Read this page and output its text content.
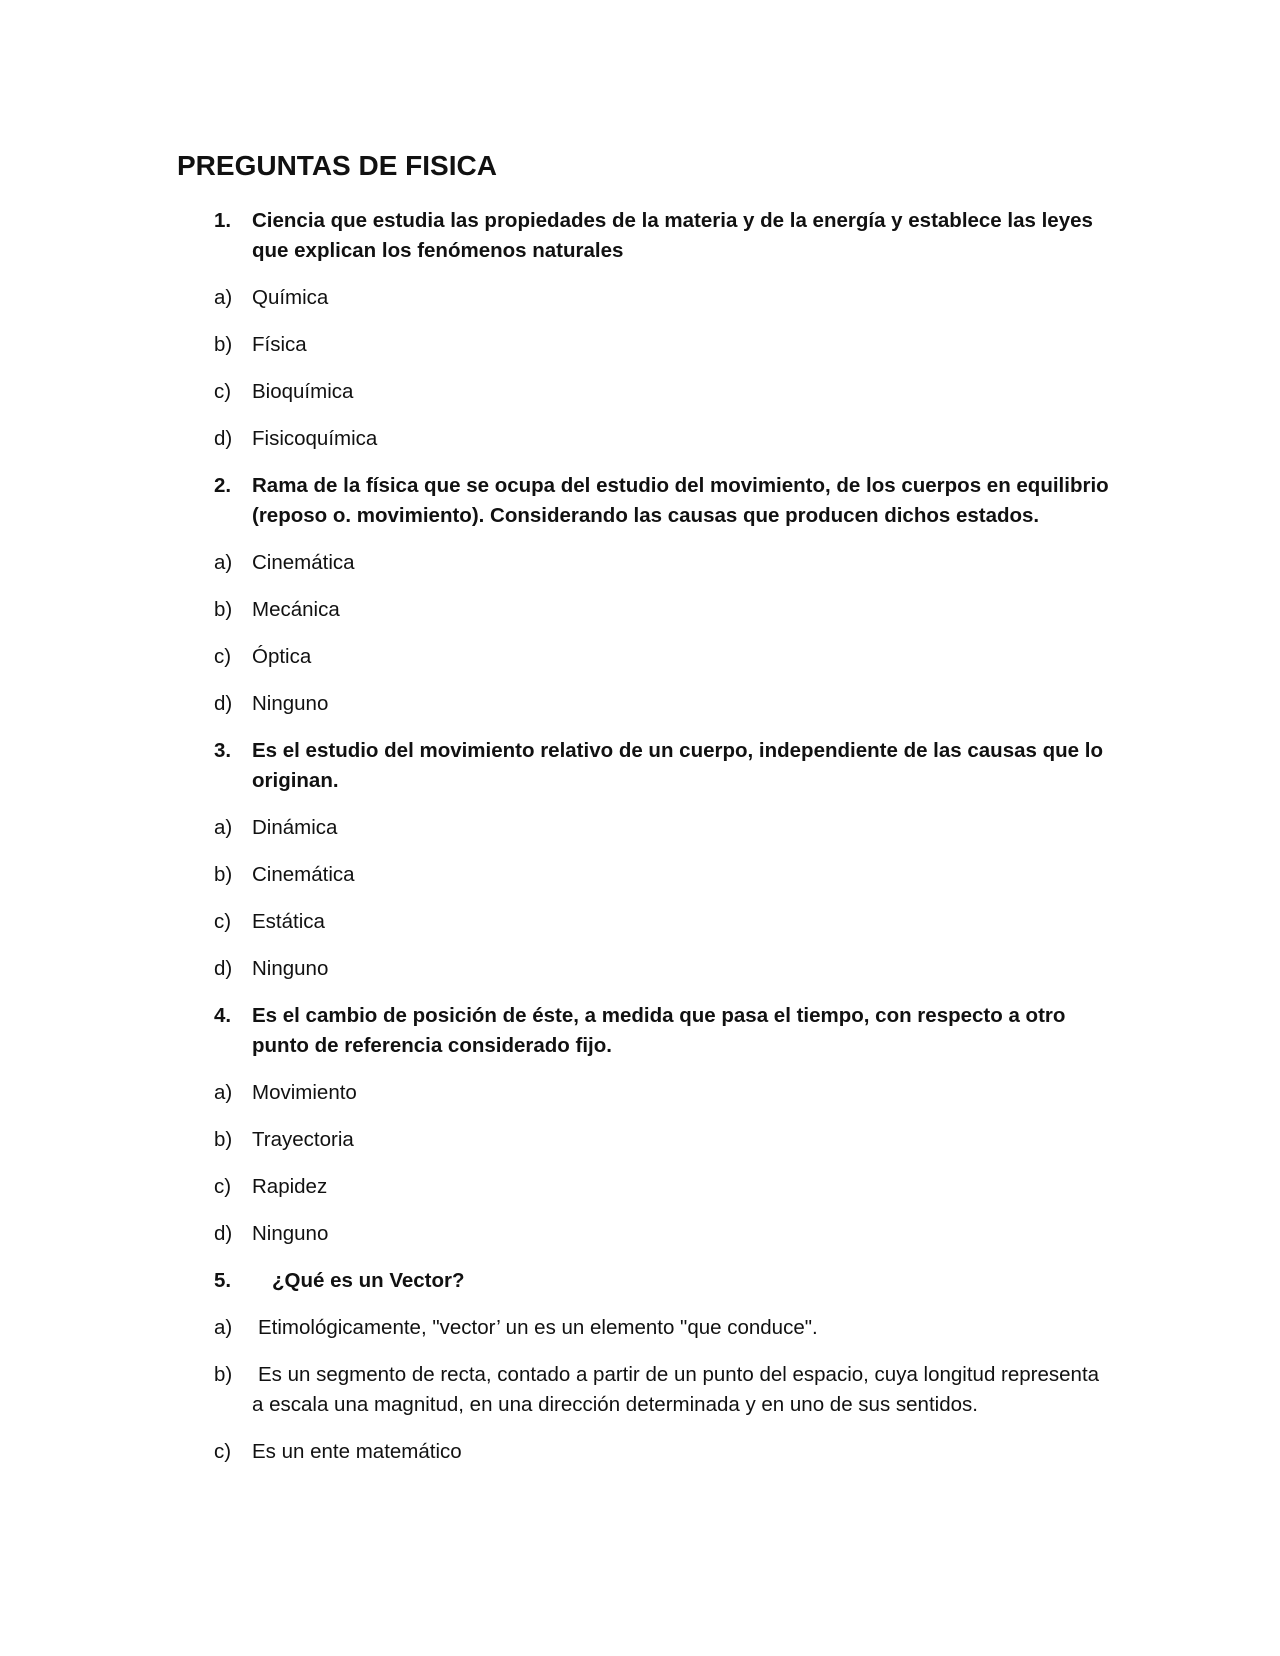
PREGUNTAS DE FISICA
1. Ciencia que estudia las propiedades de la materia y de la energía y establece las leyes que explican los fenómenos naturales
a) Química
b) Física
c) Bioquímica
d) Fisicoquímica
2. Rama de la física que se ocupa del estudio del movimiento, de los cuerpos en equilibrio (reposo o. movimiento). Considerando las causas que producen dichos estados.
a) Cinemática
b) Mecánica
c) Óptica
d) Ninguno
3. Es el estudio del movimiento relativo de un cuerpo, independiente de las causas que lo originan.
a) Dinámica
b) Cinemática
c) Estática
d) Ninguno
4. Es el cambio de posición de éste, a medida que pasa el tiempo, con respecto a otro punto de referencia considerado fijo.
a) Movimiento
b) Trayectoria
c) Rapidez
d) Ninguno
5. ¿Qué es un Vector?
a) Etimológicamente, "vector’ un es un elemento "que conduce".
b) Es un segmento de recta, contado a partir de un punto del espacio, cuya longitud representa a escala una magnitud, en una dirección determinada y en uno de sus sentidos.
c) Es un ente matemático
